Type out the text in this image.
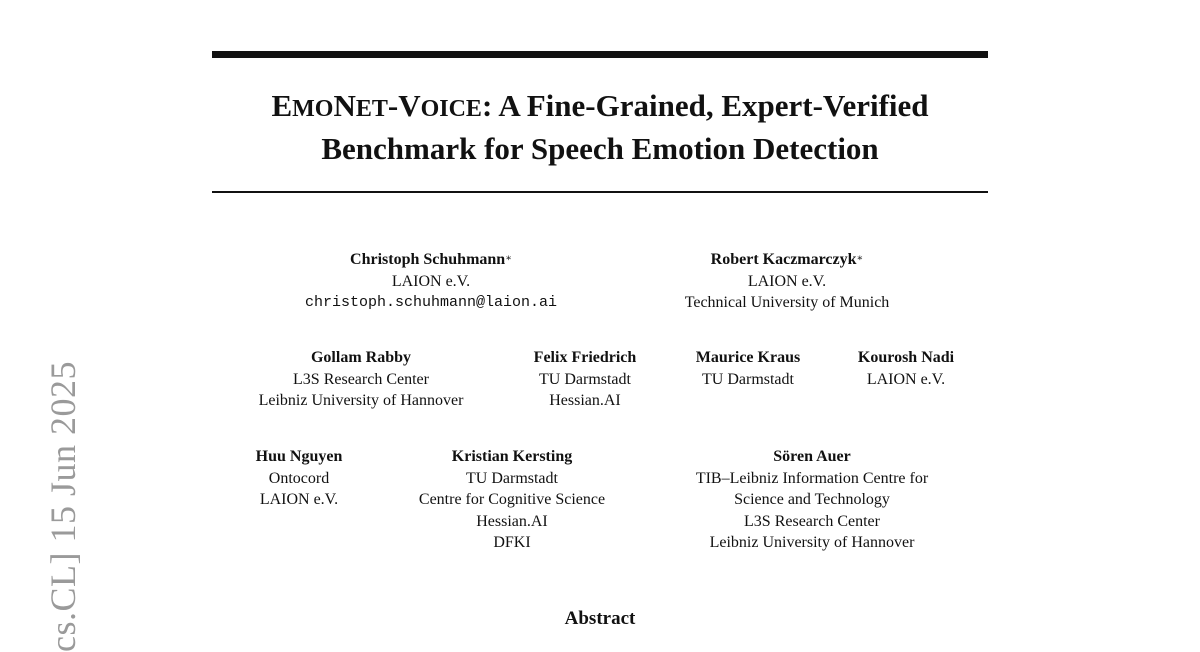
EMONET-VOICE: A Fine-Grained, Expert-Verified
Benchmark for Speech Emotion Detection
Christoph Schuhmann∗
LAION e.V.
christoph.schuhmann@laion.ai
Robert Kaczmarczyk∗
LAION e.V.
Technical University of Munich
Gollam Rabby
L3S Research Center
Leibniz University of Hannover
Felix Friedrich
TU Darmstadt
Hessian.AI
Maurice Kraus
TU Darmstadt
Kourosh Nadi
LAION e.V.
Huu Nguyen
Ontocord
LAION e.V.
Kristian Kersting
TU Darmstadt
Centre for Cognitive Science
Hessian.AI
DFKI
Sören Auer
TIB–Leibniz Information Centre for
Science and Technology
L3S Research Center
Leibniz University of Hannover
Abstract
cs.CL] 15 Jun 2025
